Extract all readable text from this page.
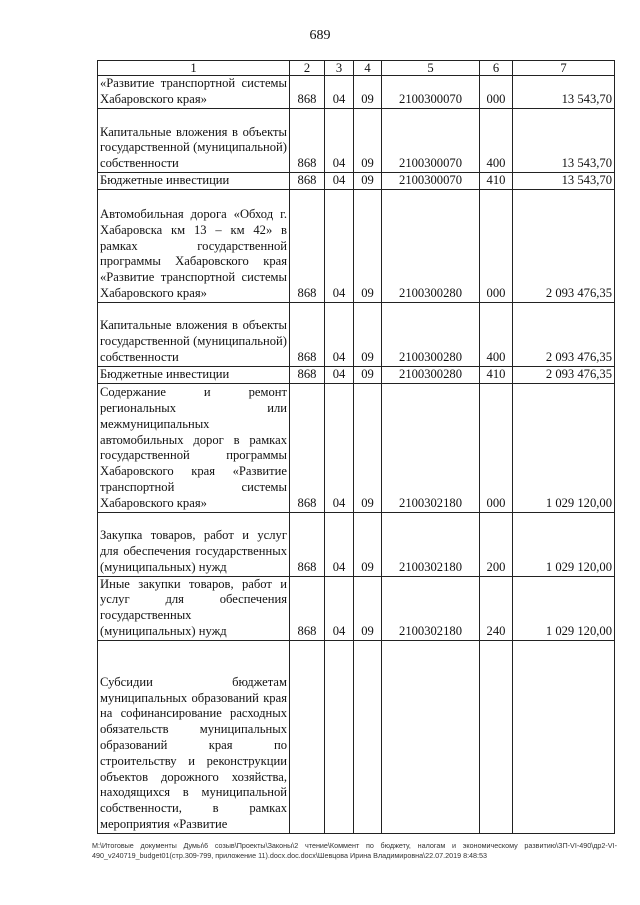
689
1	2	3	4	5	6	7
«Развитие транспортной системы Хабаровского края»	868	04	09	2100300070	000	13 543,70
Капитальные вложения в объекты государственной (муниципальной) собственности	868	04	09	2100300070	400	13 543,70
Бюджетные инвестиции	868	04	09	2100300070	410	13 543,70
Автомобильная дорога «Обход г. Хабаровска км 13 – км 42» в рамках государственной программы Хабаровского края «Развитие транспортной системы Хабаровского края»	868	04	09	2100300280	000	2 093 476,35
Капитальные вложения в объекты государственной (муниципальной) собственности	868	04	09	2100300280	400	2 093 476,35
Бюджетные инвестиции	868	04	09	2100300280	410	2 093 476,35
Содержание и ремонт региональных или межмуниципальных автомобильных дорог в рамках государственной программы Хабаровского края «Развитие транспортной системы Хабаровского края»	868	04	09	2100302180	000	1 029 120,00
Закупка товаров, работ и услуг для обеспечения государственных (муниципальных) нужд	868	04	09	2100302180	200	1 029 120,00
Иные закупки товаров, работ и услуг для обеспечения государственных (муниципальных) нужд	868	04	09	2100302180	240	1 029 120,00
Субсидии бюджетам муниципальных образований края на софинансирование расходных обязательств муниципальных образований края по строительству и реконструкции объектов дорожного хозяйства, находящихся в муниципальной собственности, в рамках мероприятия «Развитие						
М:\Итоговые документы Думы\6 созыв\Проекты\Законы\2 чтение\Коммент по бюджету, налогам и экономическому развитию\ЗП-VI-490\др2-VI-490_v240719_budget01(стр.309-799, приложение 11).docx.doc.docx\Шевцова Ирина Владимировна\22.07.2019 8:48:53
